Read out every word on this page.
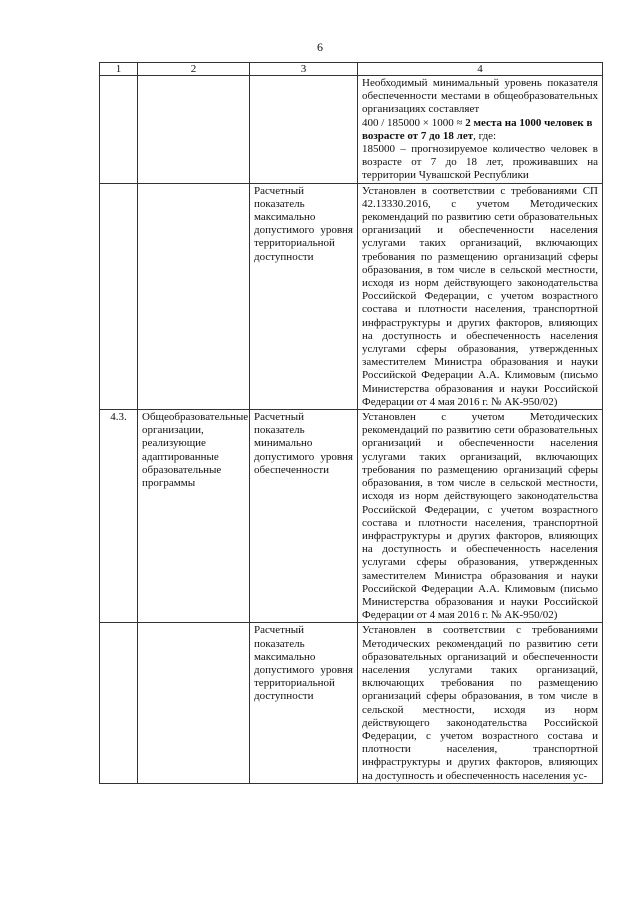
6
1	2	3	4

			Необходимый минимальный уровень показателя обеспеченности местами в общеобразовательных организациях составляет

400 / 185000 × 1000 ≈ 2 места на 1000 человек в возрасте от 7 до 18 лет, где:

185000 – прогнозируемое количество человек в возрасте от 7 до 18 лет, проживавших на территории Чувашской Республики

		Расчетный показатель максимально допустимого уровня территориальной доступности	Установлен в соответствии с требованиями СП 42.13330.2016, с учетом Методических рекомендаций по развитию сети образовательных организаций и обеспеченности населения услугами таких организаций, включающих требования по размещению организаций сферы образования, в том числе в сельской местности, исходя из норм действующего законодательства Российской Федерации, с учетом возрастного состава и плотности населения, транспортной инфраструктуры и других факторов, влияющих на доступность и обеспеченность населения услугами сферы образования, утвержденных заместителем Министра образования и науки Российской Федерации А.А. Климовым (письмо Министерства образования и науки Российской Федерации от 4 мая 2016 г. № АК-950/02)
4.3.	Общеобразовательные организации, реализующие адаптированные образовательные программы	Расчетный показатель минимально допустимого уровня обеспеченности	Установлен с учетом Методических рекомендаций по развитию сети образовательных организаций и обеспеченности населения услугами таких организаций, включающих требования по размещению организаций сферы образования, в том числе в сельской местности, исходя из норм действующего законодательства Российской Федерации, с учетом возрастного состава и плотности населения, транспортной инфраструктуры и других факторов, влияющих на доступность и обеспеченность населения услугами сферы образования, утвержденных заместителем Министра образования и науки Российской Федерации А.А. Климовым (письмо Министерства образования и науки Российской Федерации от 4 мая 2016 г. № АК-950/02)
		Расчетный показатель максимально допустимого уровня территориальной доступности	Установлен в соответствии с требованиями Методических рекомендаций по развитию сети образовательных организаций и обеспеченности населения услугами таких организаций, включающих требования по размещению организаций сферы образования, в том числе в сельской местности, исходя из норм действующего законодательства Российской Федерации, с учетом возрастного состава и плотности населения, транспортной инфраструктуры и других факторов, влияющих на доступность и обеспеченность населения ус-
